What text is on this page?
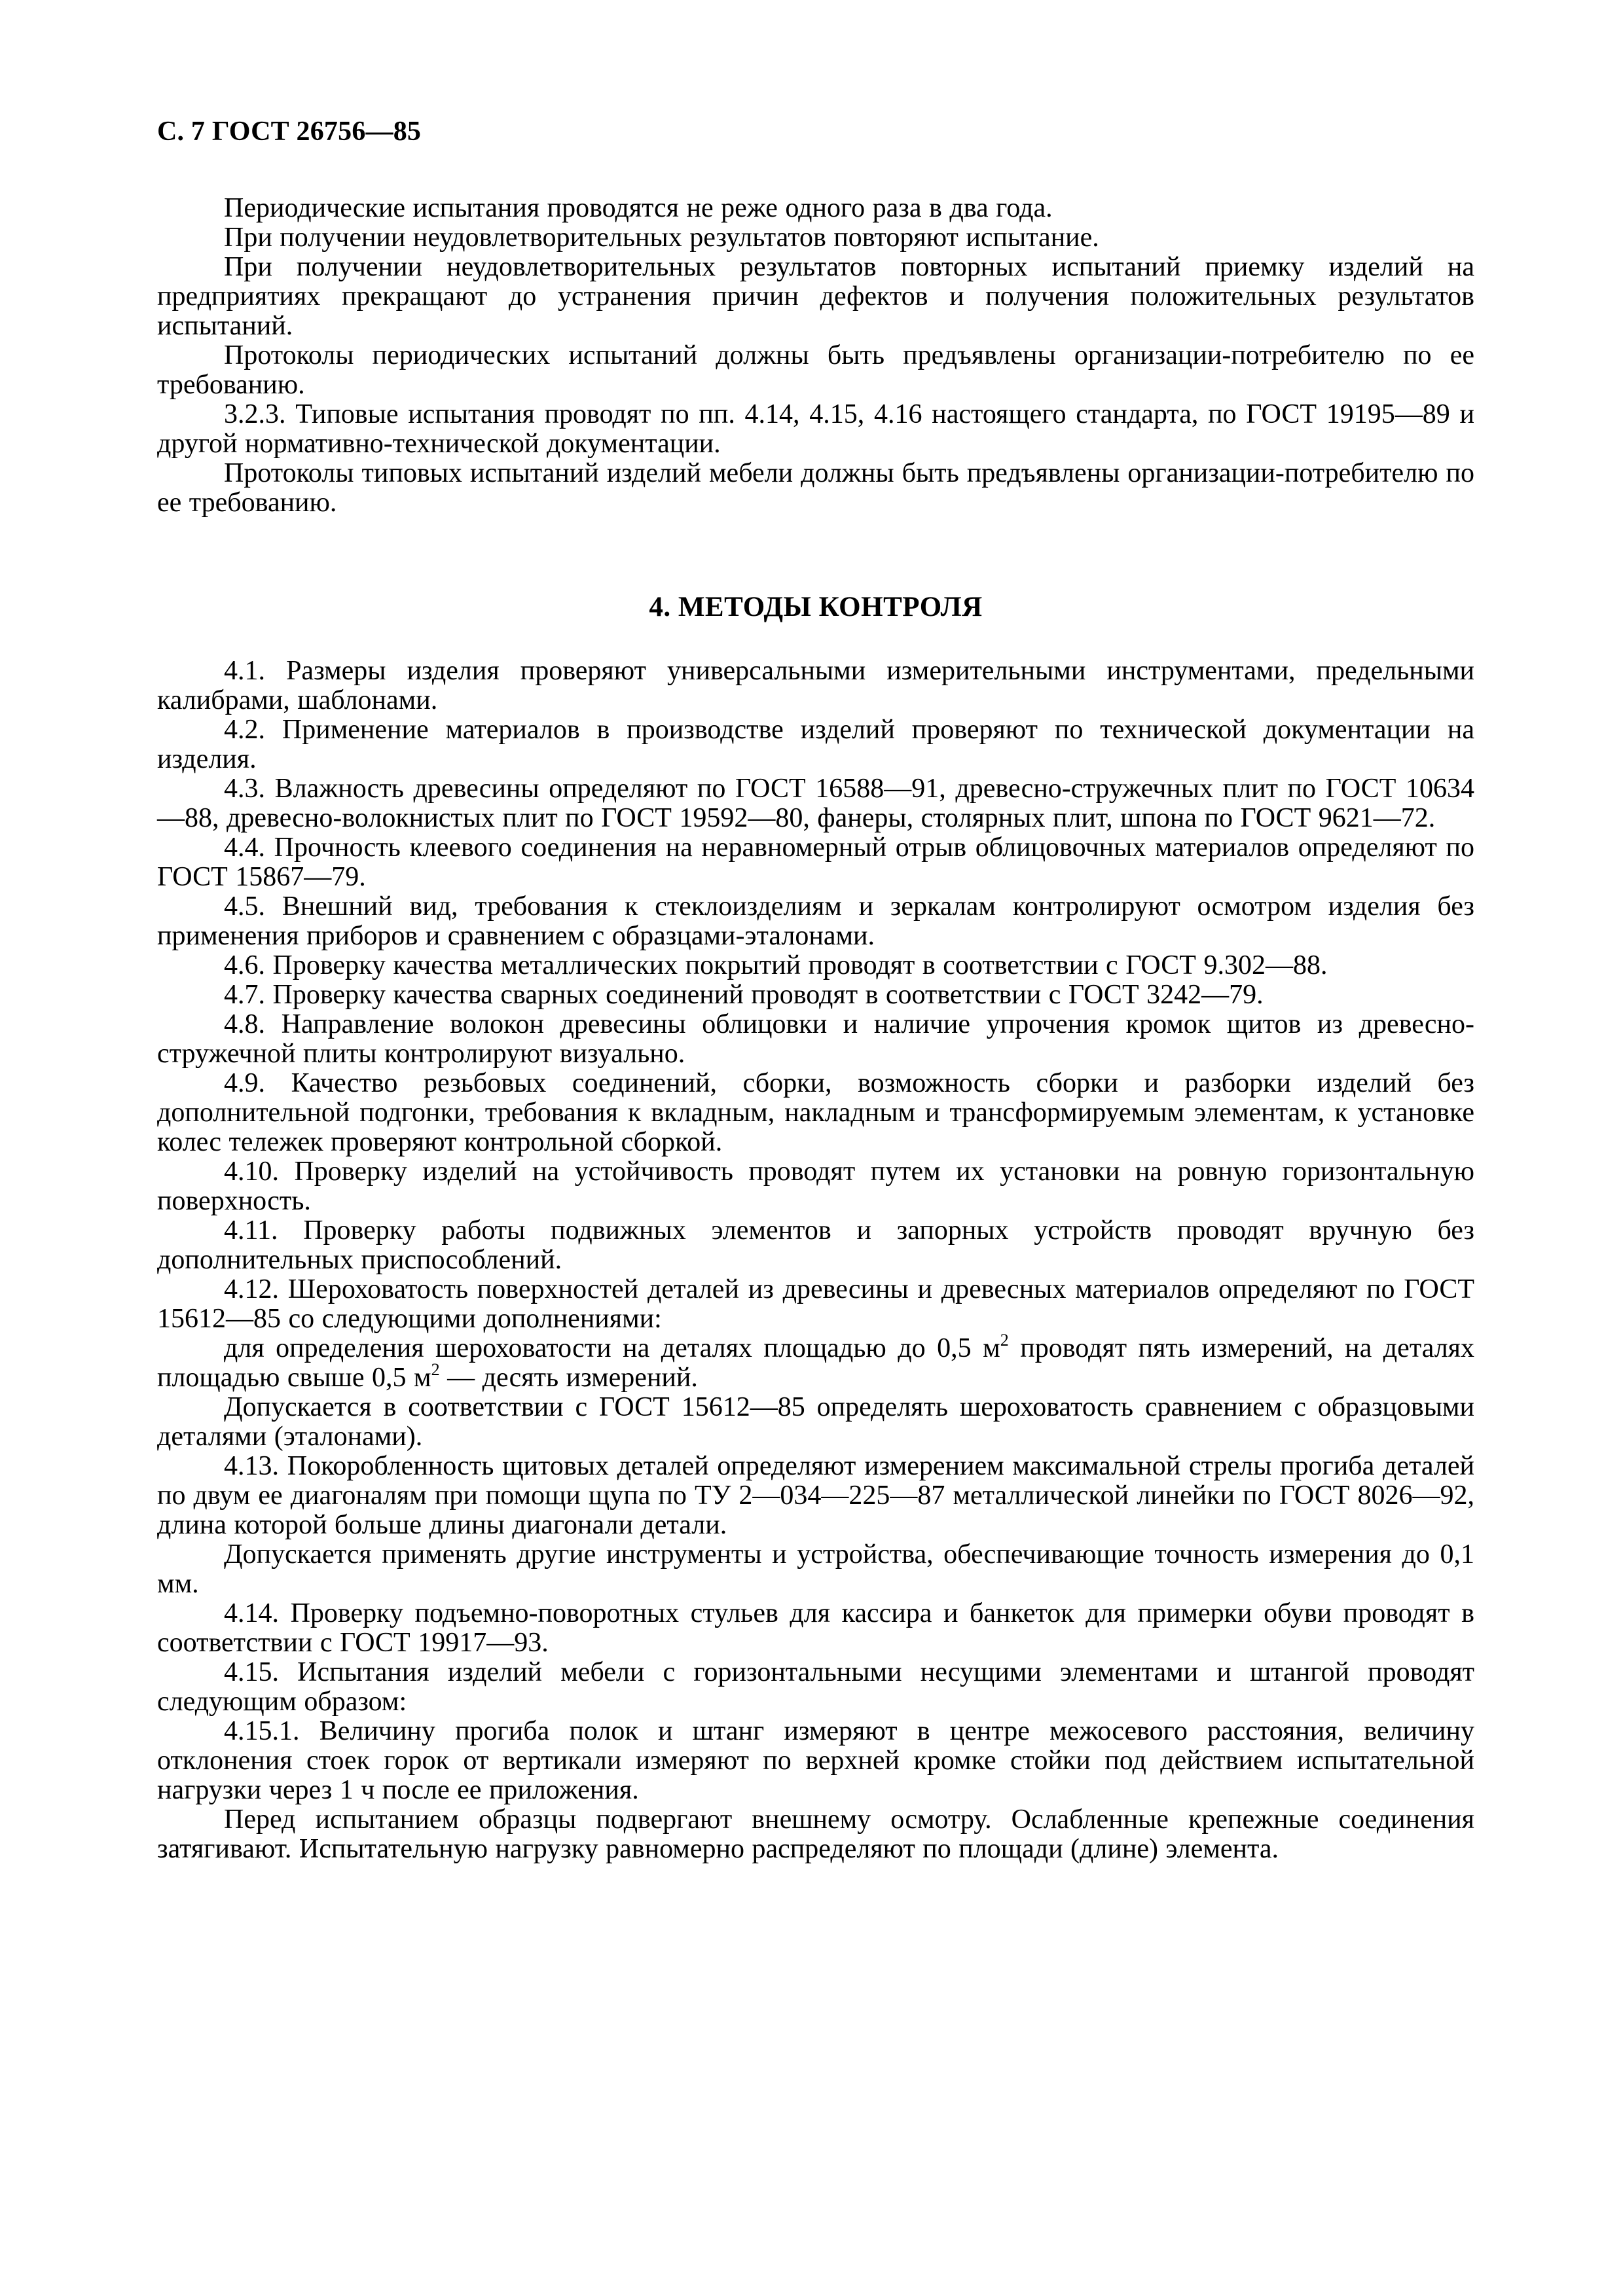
С. 7 ГОСТ 26756—85

Периодические испытания проводятся не реже одного раза в два года.

При получении неудовлетворительных результатов повторяют испытание.

При получении неудовлетворительных результатов повторных испытаний приемку изделий на предприятиях прекращают до устранения причин дефектов и получения положительных результатов испытаний.

Протоколы периодических испытаний должны быть предъявлены организации-потребителю по ее требованию.

3.2.3. Типовые испытания проводят по пп. 4.14, 4.15, 4.16 настоящего стандарта, по ГОСТ 19195—89 и другой нормативно-технической документации.

Протоколы типовых испытаний изделий мебели должны быть предъявлены организации-потребителю по ее требованию.

4. МЕТОДЫ КОНТРОЛЯ

4.1. Размеры изделия проверяют универсальными измерительными инструментами, предельными калибрами, шаблонами.

4.2. Применение материалов в производстве изделий проверяют по технической документации на изделия.

4.3. Влажность древесины определяют по ГОСТ 16588—91, древесно-стружечных плит по ГОСТ 10634—88, древесно-волокнистых плит по ГОСТ 19592—80, фанеры, столярных плит, шпона по ГОСТ 9621—72.

4.4. Прочность клеевого соединения на неравномерный отрыв облицовочных материалов определяют по ГОСТ 15867—79.

4.5. Внешний вид, требования к стеклоизделиям и зеркалам контролируют осмотром изделия без применения приборов и сравнением с образцами-эталонами.

4.6. Проверку качества металлических покрытий проводят в соответствии с ГОСТ 9.302—88.

4.7. Проверку качества сварных соединений проводят в соответствии с ГОСТ 3242—79.

4.8. Направление волокон древесины облицовки и наличие упрочения кромок щитов из древесно-стружечной плиты контролируют визуально.

4.9. Качество резьбовых соединений, сборки, возможность сборки и разборки изделий без дополнительной подгонки, требования к вкладным, накладным и трансформируемым элементам, к установке колес тележек проверяют контрольной сборкой.

4.10. Проверку изделий на устойчивость проводят путем их установки на ровную горизонтальную поверхность.

4.11. Проверку работы подвижных элементов и запорных устройств проводят вручную без дополнительных приспособлений.

4.12. Шероховатость поверхностей деталей из древесины и древесных материалов определяют по ГОСТ 15612—85 со следующими дополнениями:

для определения шероховатости на деталях площадью до 0,5 $м^2$ проводят пять измерений, на деталях площадью свыше 0,5 $м^2$ — десять измерений.

Допускается в соответствии с ГОСТ 15612—85 определять шероховатость сравнением с образцовыми деталями (эталонами).

4.13. Покоробленность щитовых деталей определяют измерением максимальной стрелы прогиба деталей по двум ее диагоналям при помощи щупа по ТУ 2—034—225—87 металлической линейки по ГОСТ 8026—92, длина которой больше длины диагонали детали.

Допускается применять другие инструменты и устройства, обеспечивающие точность измерения до 0,1 мм.

4.14. Проверку подъемно-поворотных стульев для кассира и банкеток для примерки обуви проводят в соответствии с ГОСТ 19917—93.

4.15. Испытания изделий мебели с горизонтальными несущими элементами и штангой проводят следующим образом:

4.15.1. Величину прогиба полок и штанг измеряют в центре межосевого расстояния, величину отклонения стоек горок от вертикали измеряют по верхней кромке стойки под действием испытательной нагрузки через 1 ч после ее приложения.

Перед испытанием образцы подвергают внешнему осмотру. Ослабленные крепежные соединения затягивают. Испытательную нагрузку равномерно распределяют по площади (длине) элемента.
